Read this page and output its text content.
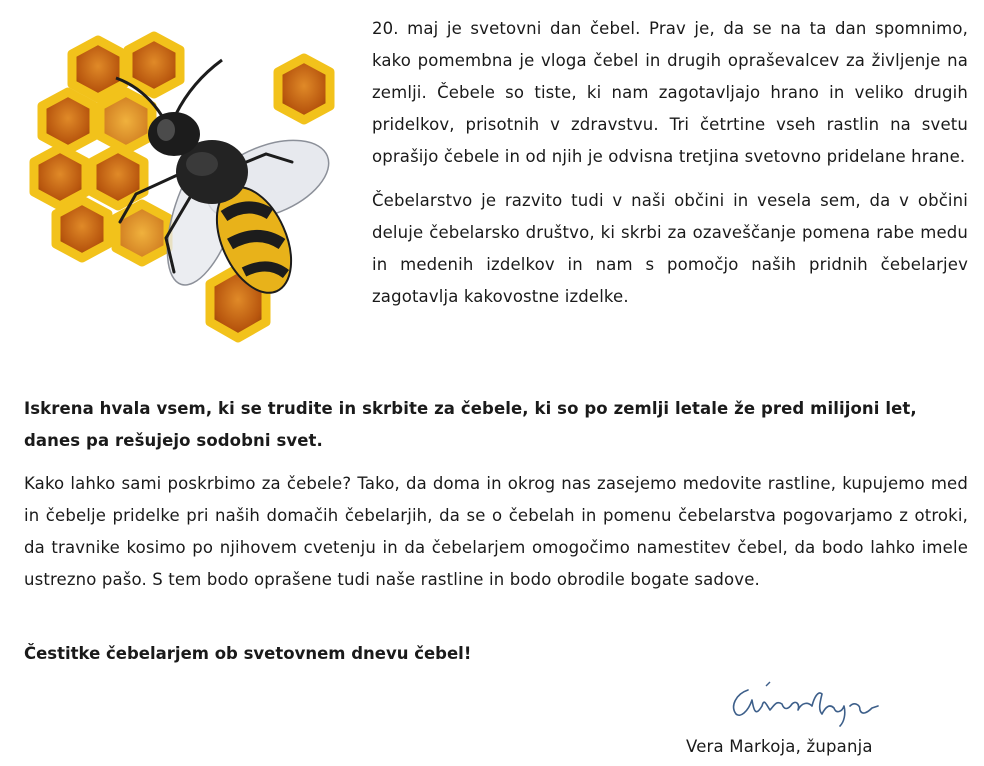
20. maj je svetovni dan čebel. Prav je, da se na ta dan spomnimo, kako pomembna je vloga čebel in drugih opraševalcev za življenje na zemlji. Čebele so tiste, ki nam zagotavljajo hrano in veliko drugih pridelkov, prisotnih v zdravstvu. Tri četrtine vseh rastlin na svetu oprašijo čebele in od njih je odvisna tretjina svetovno pridelane hrane.

Čebelarstvo je razvito tudi v naši občini in vesela sem, da v občini deluje čebelarsko društvo, ki skrbi za ozaveščanje pomena rabe medu in medenih izdelkov in nam s pomočjo naših pridnih čebelarjev zagotavlja kakovostne izdelke.

Iskrena hvala vsem, ki se trudite in skrbite za čebele, ki so po zemlji letale že pred milijoni let, danes pa rešujejo sodobni svet.

Kako lahko sami poskrbimo za čebele? Tako, da doma in okrog nas zasejemo medovite rastline, kupujemo med in čebelje pridelke pri naših domačih čebelarjih, da se o čebelah in pomenu čebelarstva pogovarjamo z otroki, da travnike kosimo po njihovem cvetenju in da čebelarjem omogočimo namestitev čebel, da bodo lahko imele ustrezno pašo. S tem bodo oprašene tudi naše rastline in bodo obrodile bogate sadove.

Čestitke čebelarjem ob svetovnem dnevu čebel!

Vera Markoja, županja
